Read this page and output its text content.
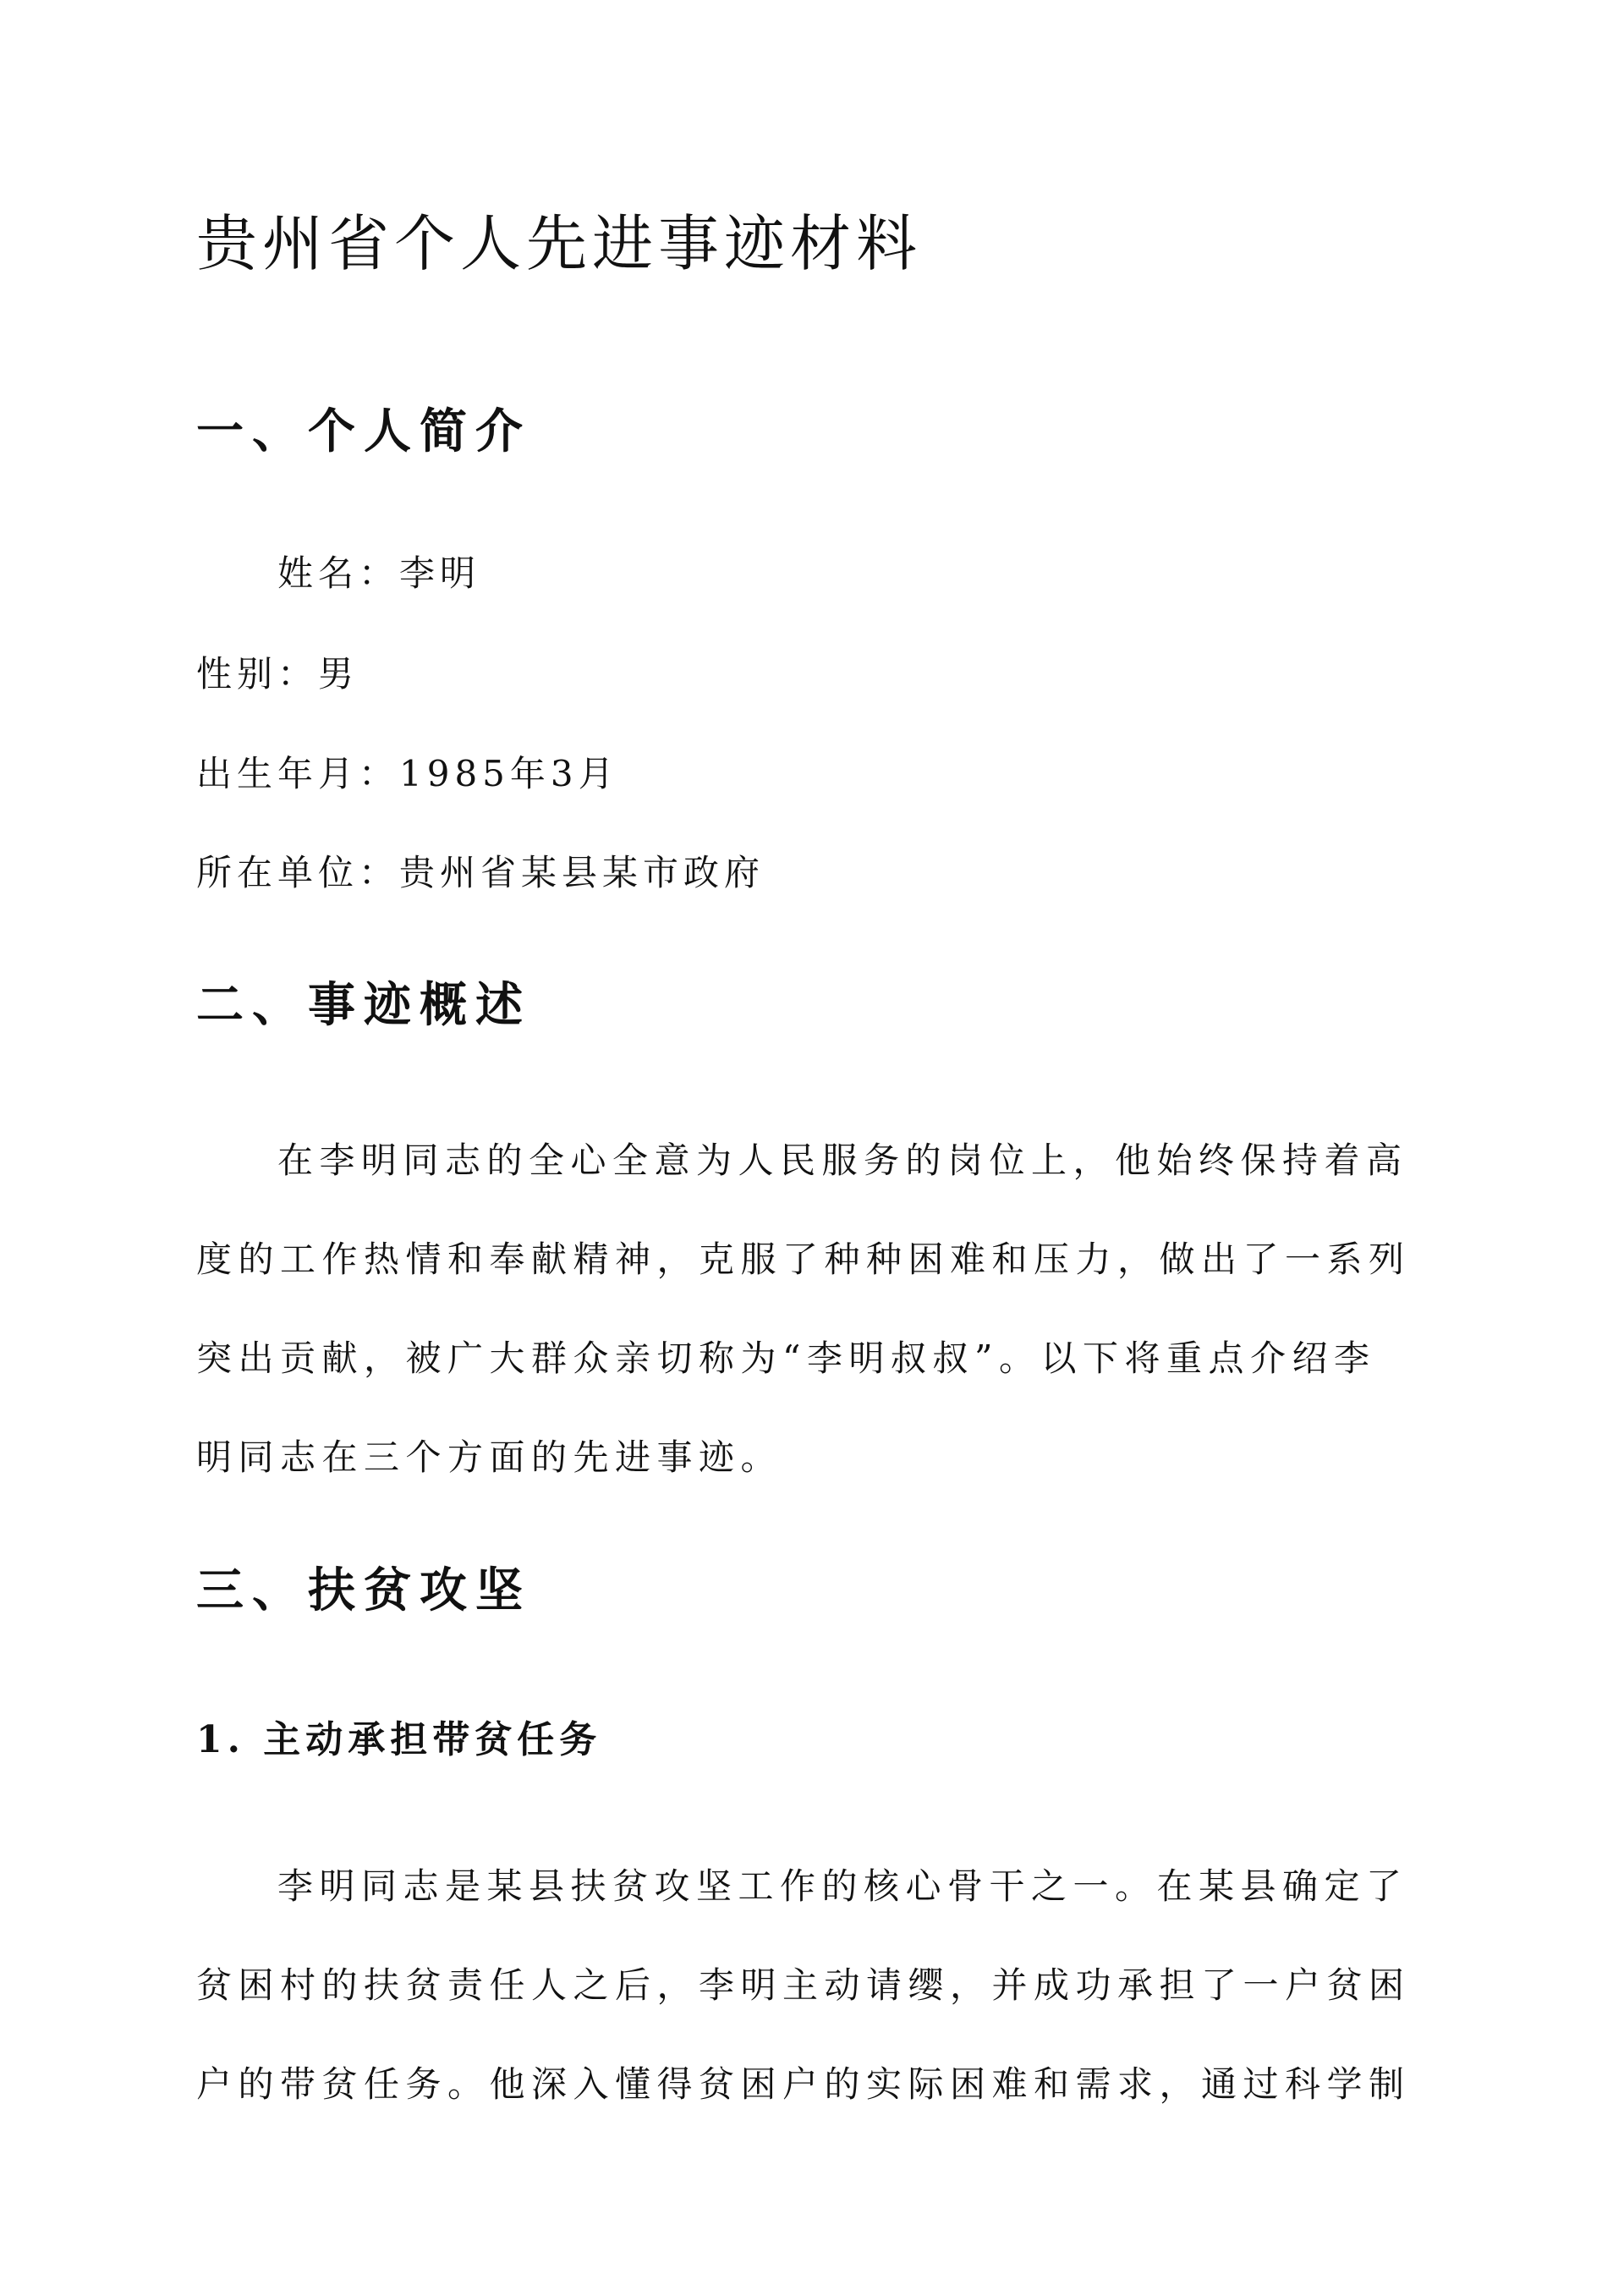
贵州省个人先进事迹材料
一、个人简介

姓名：李明

性别：男

出生年月：1985年3月

所在单位：贵州省某县某市政府

二、事迹概述
在李明同志的全心全意为人民服务的岗位上，他始终保持着高
度的工作热情和奉献精神，克服了种种困难和压力，做出了一系列
突出贡献，被广大群众亲切称为“李明叔叔”。以下将重点介绍李
明同志在三个方面的先进事迹。
三、扶贫攻坚
1. 主动承担带贫任务
李明同志是某县扶贫攻坚工作的核心骨干之一。在某县确定了
贫困村的扶贫责任人之后，李明主动请缨，并成功承担了一户贫困
户的带贫任务。他深入懂得贫困户的实际困难和需求，通过科学制
